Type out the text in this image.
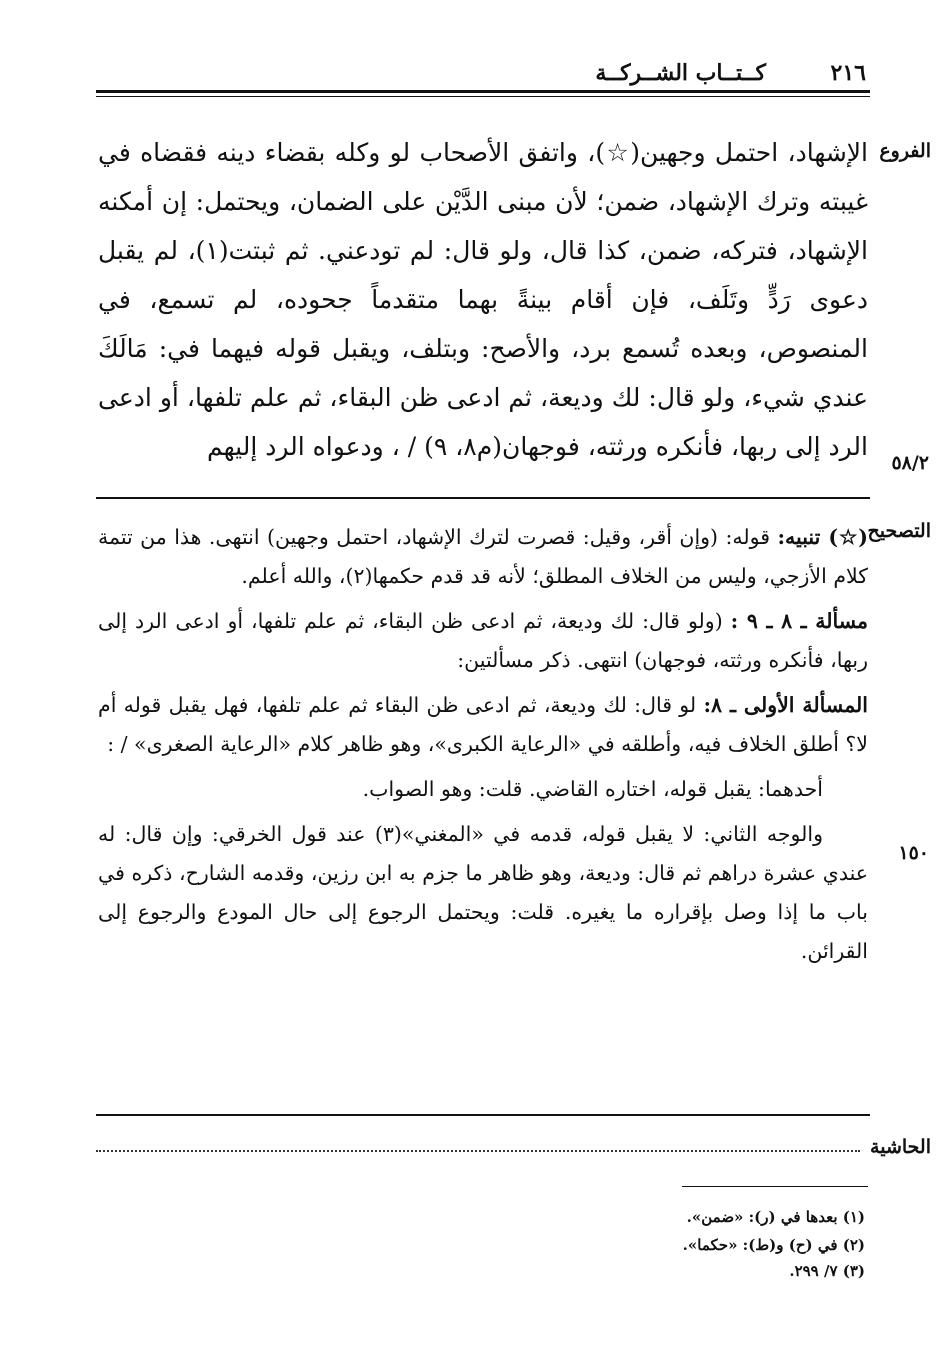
كــتــاب الشــركــة	٢١٦
الفروع
٥٨/٢

الإشهاد، احتمل وجهين(☆)، واتفق الأصحاب لو وكله بقضاء دينه فقضاه في غيبته وترك الإشهاد، ضمن؛ لأن مبنى الدَّيْن على الضمان، ويحتمل: إن أمكنه الإشهاد، فتركه، ضمن، كذا قال، ولو قال: لم تودعني. ثم ثبتت(١)، لم يقبل دعوى رَدٍّ وتَلَف، فإن أقام بينةً بهما متقدماً جحوده، لم تسمع، في المنصوص، وبعده تُسمع برد، والأصح: وبتلف، ويقبل قوله فيهما في: مَالَكَ عندي شيء، ولو قال: لك وديعة، ثم ادعى ظن البقاء، ثم علم تلفها، أو ادعى الرد إلى ربها، فأنكره ورثته، فوجهان(م٨، ٩) / ، ودعواه الرد إليهم

التصحيح
١٥٠

(☆) تنبيه: قوله: (وإن أقر، وقيل: قصرت لترك الإشهاد، احتمل وجهين) انتهى. هذا من تتمة كلام الأزجي، وليس من الخلاف المطلق؛ لأنه قد قدم حكمها(٢)، والله أعلم.

مسألة ـ ٨ ـ ٩ : (ولو قال: لك وديعة، ثم ادعى ظن البقاء، ثم علم تلفها، أو ادعى الرد إلى ربها، فأنكره ورثته، فوجهان) انتهى. ذكر مسألتين:

المسألة الأولى ـ ٨: لو قال: لك وديعة، ثم ادعى ظن البقاء ثم علم تلفها، فهل يقبل قوله أم لا؟ أطلق الخلاف فيه، وأطلقه في «الرعاية الكبرى»، وهو ظاهر كلام «الرعاية الصغرى» / :

أحدهما: يقبل قوله، اختاره القاضي. قلت: وهو الصواب.

والوجه الثاني: لا يقبل قوله، قدمه في «المغني»(٣) عند قول الخرقي: وإن قال: له عندي عشرة دراهم ثم قال: وديعة، وهو ظاهر ما جزم به ابن رزين، وقدمه الشارح، ذكره في باب ما إذا وصل بإقراره ما يغيره. قلت: ويحتمل الرجوع إلى حال المودع والرجوع إلى القرائن.

الحاشية
(١) بعدها في (ر): «ضمن».
(٢) في (ح) و(ط): «حكما».
(٣) ٧/ ٢٩٩.
